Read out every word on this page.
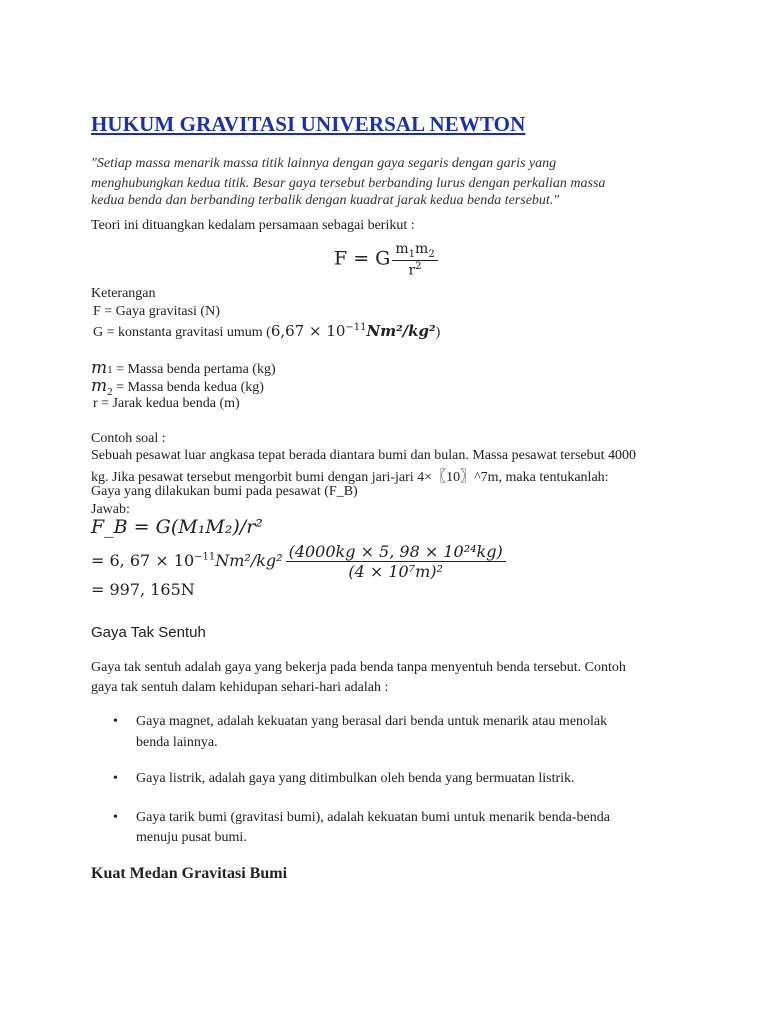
HUKUM GRAVITASI UNIVERSAL NEWTON
"Setiap massa menarik massa titik lainnya dengan gaya segaris dengan garis yang
menghubungkan kedua titik. Besar gaya tersebut berbanding lurus dengan perkalian massa
kedua benda dan berbanding terbalik dengan kuadrat jarak kedua benda tersebut."
Teori ini dituangkan kedalam persamaan sebagai berikut :
F = G $\frac{m_1m_2}{r^2}$
Keterangan
F = Gaya gravitasi (N)
G = konstanta gravitasi umum $(6,67 \times 10^{-11}Nm^2/kg^2)$
m1 = Massa benda pertama (kg)
$m_2$ = Massa benda kedua (kg)
r = Jarak kedua benda (m)
Contoh soal :
Sebuah pesawat luar angkasa tepat berada diantara bumi dan bulan. Massa pesawat tersebut 4000
kg. Jika pesawat tersebut mengorbit bumi dengan jari-jari 4×〖10〗^7m, maka tentukanlah:
Gaya yang dilakukan bumi pada pesawat (F_B)
Jawab:
F_B = G(M₁M₂)/r²
= 6, $67 \times 10^{-11}Nm^2$/kg² $\frac{\text{(4000kg × 5, 98 × 10²⁴kg)}}{\text{(4 × 10⁷m)²}}$
= 997, 165N
Gaya Tak Sentuh
Gaya tak sentuh adalah gaya yang bekerja pada benda tanpa menyentuh benda tersebut. Contoh
gaya tak sentuh dalam kehidupan sehari-hari adalah :
• Gaya magnet, adalah kekuatan yang berasal dari benda untuk menarik atau menolak
benda lainnya.
• Gaya listrik, adalah gaya yang ditimbulkan oleh benda yang bermuatan listrik.
• Gaya tarik bumi (gravitasi bumi), adalah kekuatan bumi untuk menarik benda-benda
menuju pusat bumi.
Kuat Medan Gravitasi Bumi
